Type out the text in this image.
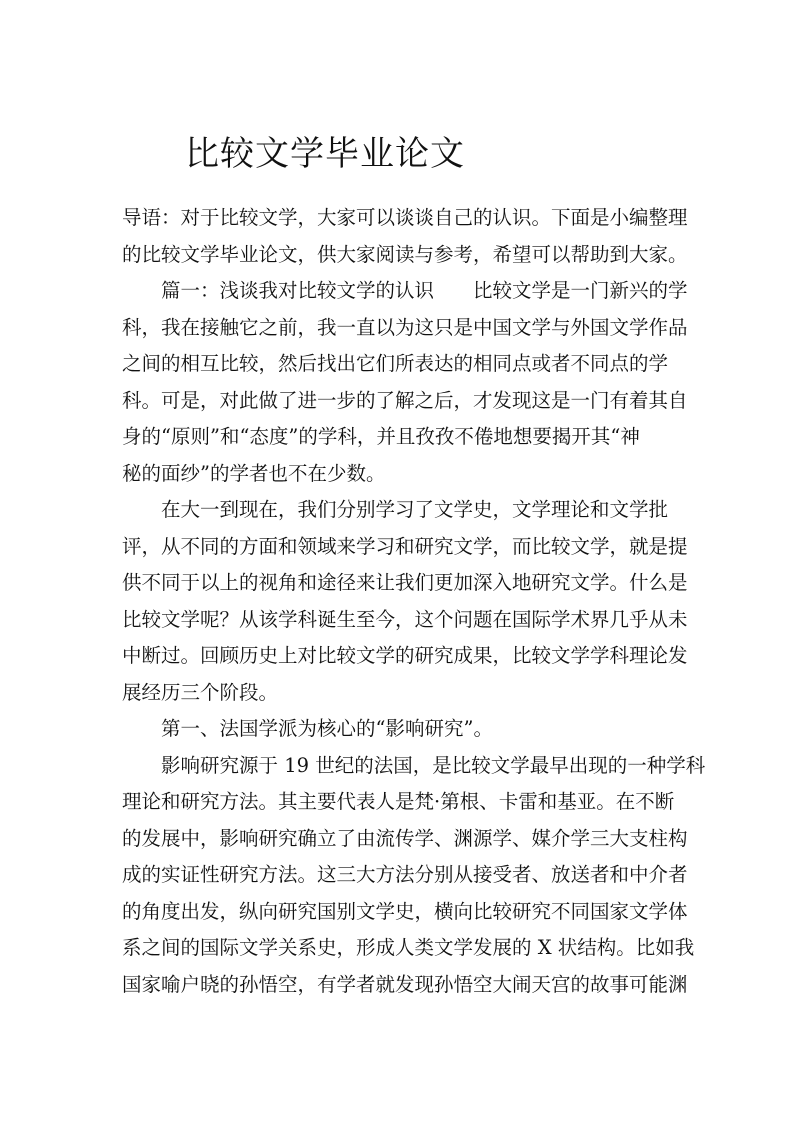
比较文学毕业论文
导语：对于比较文学，大家可以谈谈自己的认识。下面是小编整理
的比较文学毕业论文，供大家阅读与参考，希望可以帮助到大家。
篇一：浅谈我对比较文学的认识　　比较文学是一门新兴的学
科，我在接触它之前，我一直以为这只是中国文学与外国文学作品
之间的相互比较，然后找出它们所表达的相同点或者不同点的学
科。可是，对此做了进一步的了解之后，才发现这是一门有着其自
身的“原则”和“态度”的学科，并且孜孜不倦地想要揭开其“神
秘的面纱”的学者也不在少数。
在大一到现在，我们分别学习了文学史，文学理论和文学批
评，从不同的方面和领域来学习和研究文学，而比较文学，就是提
供不同于以上的视角和途径来让我们更加深入地研究文学。什么是
比较文学呢？从该学科诞生至今，这个问题在国际学术界几乎从未
中断过。回顾历史上对比较文学的研究成果，比较文学学科理论发
展经历三个阶段。
第一、法国学派为核心的“影响研究”。
影响研究源于 19 世纪的法国，是比较文学最早出现的一种学科
理论和研究方法。其主要代表人是梵·第根、卡雷和基亚。在不断
的发展中，影响研究确立了由流传学、渊源学、媒介学三大支柱构
成的实证性研究方法。这三大方法分别从接受者、放送者和中介者
的角度出发，纵向研究国别文学史，横向比较研究不同国家文学体
系之间的国际文学关系史，形成人类文学发展的 X 状结构。比如我
国家喻户晓的孙悟空，有学者就发现孙悟空大闹天宫的故事可能渊
